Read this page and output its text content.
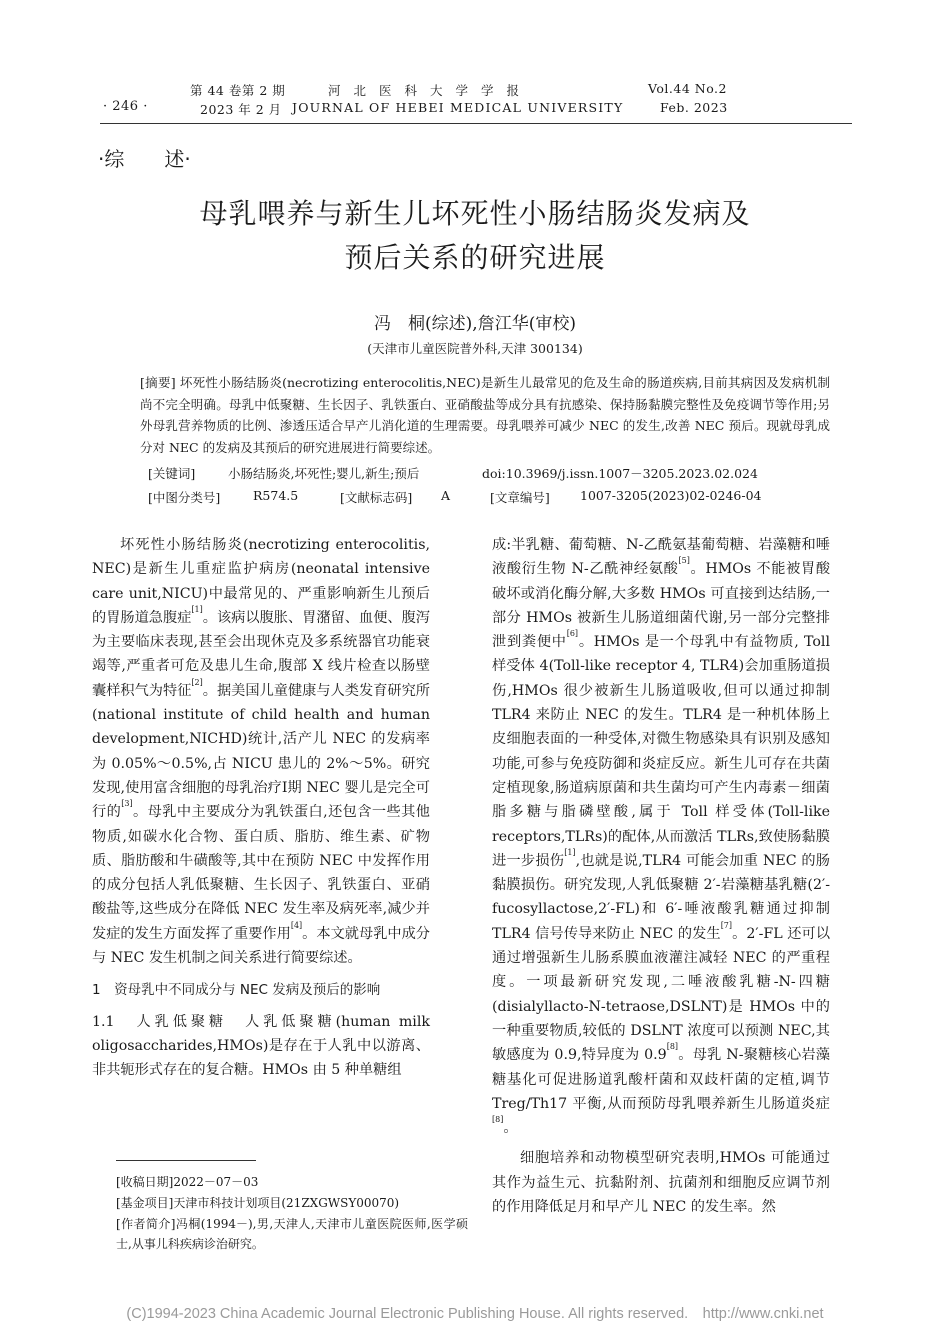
· 246 ·
第 44 卷第 2 期
2023 年 2 月
河北医科大学学报
JOURNAL OF HEBEI MEDICAL UNIVERSITY
Vol.44 No.2
Feb. 2023
·综　　述·
母乳喂养与新生儿坏死性小肠结肠炎发病及
预后关系的研究进展
冯　桐(综述),詹江华(审校)
(天津市儿童医院普外科,天津 300134)
[摘要] 坏死性小肠结肠炎(necrotizing enterocolitis,NEC)是新生儿最常见的危及生命的肠道疾病,目前其病因及发病机制尚不完全明确。母乳中低聚糖、生长因子、乳铁蛋白、亚硝酸盐等成分具有抗感染、保持肠黏膜完整性及免疫调节等作用;另外母乳营养物质的比例、渗透压适合早产儿消化道的生理需要。母乳喂养可减少 NEC 的发生,改善 NEC 预后。现就母乳成分对 NEC 的发病及其预后的研究进展进行简要综述。
[关键词]	小肠结肠炎,坏死性;婴儿,新生;预后	doi:10.3969/j.issn.1007－3205.2023.02.024
[中图分类号]	R574.5	[文献标志码] A	[文章编号] 1007-3205(2023)02-0246-04

坏死性小肠结肠炎(necrotizing enterocolitis, NEC)是新生儿重症监护病房(neonatal intensive care unit,NICU)中最常见的、严重影响新生儿预后的胃肠道急腹症[1]。该病以腹胀、胃潴留、血便、腹泻为主要临床表现,甚至会出现休克及多系统器官功能衰竭等,严重者可危及患儿生命,腹部 X 线片检查以肠壁囊样积气为特征[2]。据美国儿童健康与人类发育研究所(national institute of child health and human development,NICHD)统计,活产儿 NEC 的发病率为 0.05%～0.5%,占 NICU 患儿的 2%～5%。研究发现,使用富含细胞的母乳治疗Ⅰ期 NEC 婴儿是完全可行的[3]。母乳中主要成分为乳铁蛋白,还包含一些其他物质,如碳水化合物、蛋白质、脂肪、维生素、矿物质、脂肪酸和牛磺酸等,其中在预防 NEC 中发挥作用的成分包括人乳低聚糖、生长因子、乳铁蛋白、亚硝酸盐等,这些成分在降低 NEC 发生率及病死率,减少并发症的发生方面发挥了重要作用[4]。本文就母乳中成分与 NEC 发生机制之间关系进行简要综述。

1　资母乳中不同成分与 NEC 发病及预后的影响

1.1　人乳低聚糖　 人乳低聚糖(human milk oligosaccharides,HMOs)是存在于人乳中以游离、非共轭形式存在的复合糖。HMOs 由 5 种单糖组

[收稿日期]2022－07－03
[基金项目]天津市科技计划项目(21ZXGWSY00070)
[作者简介]冯桐(1994－),男,天津人,天津市儿童医院医师,医学硕士,从事儿科疾病诊治研究。

成:半乳糖、葡萄糖、N-乙酰氨基葡萄糖、岩藻糖和唾液酸衍生物 N-乙酰神经氨酸[5]。HMOs 不能被胃酸破坏或消化酶分解,大多数 HMOs 可直接到达结肠,一部分 HMOs 被新生儿肠道细菌代谢,另一部分完整排泄到粪便中[6]。HMOs 是一个母乳中有益物质, Toll 样受体 4(Toll-like receptor 4, TLR4)会加重肠道损伤,HMOs 很少被新生儿肠道吸收,但可以通过抑制 TLR4 来防止 NEC 的发生。TLR4 是一种机体肠上皮细胞表面的一种受体,对微生物感染具有识别及感知功能,可参与免疫防御和炎症反应。新生儿可存在共菌定植现象,肠道病原菌和共生菌均可产生内毒素－细菌脂多糖与脂磷壁酸,属于 Toll 样受体(Toll-like receptors,TLRs)的配体,从而激活 TLRs,致使肠黏膜进一步损伤[1],也就是说,TLR4 可能会加重 NEC 的肠黏膜损伤。研究发现,人乳低聚糖 2′-岩藻糖基乳糖(2′-fucosyllactose,2′-FL)和 6′-唾液酸乳糖通过抑制 TLR4 信号传导来防止 NEC 的发生[7]。2′-FL 还可以通过增强新生儿肠系膜血液灌注减轻 NEC 的严重程度。一项最新研究发现,二唾液酸乳糖-N-四糖(disialyllacto-N-tetraose,DSLNT)是 HMOs 中的一种重要物质,较低的 DSLNT 浓度可以预测 NEC,其敏感度为 0.9,特异度为 0.9[8]。母乳 N-聚糖核心岩藻糖基化可促进肠道乳酸杆菌和双歧杆菌的定植,调节 Treg/Th17 平衡,从而预防母乳喂养新生儿肠道炎症[8]。

细胞培养和动物模型研究表明,HMOs 可能通过其作为益生元、抗黏附剂、抗菌剂和细胞反应调节剂的作用降低足月和早产儿 NEC 的发生率。然

(C)1994-2023 China Academic Journal Electronic Publishing House. All rights reserved.　http://www.cnki.net
